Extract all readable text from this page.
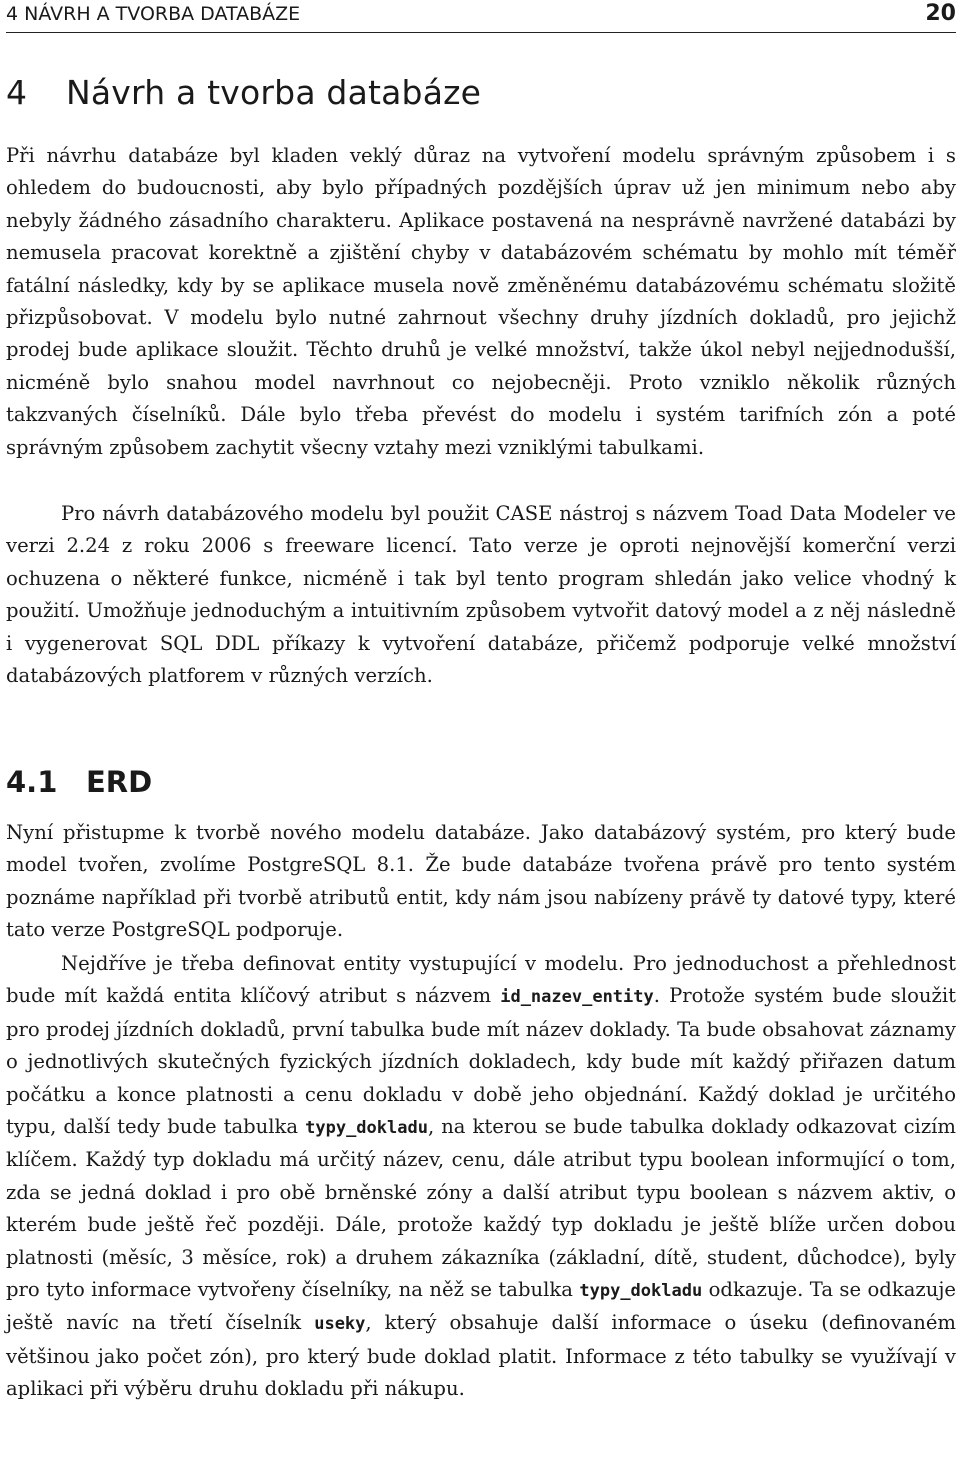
4 NÁVRH A TVORBA DATABÁZE	20
4 Návrh a tvorba databáze

Při návrhu databáze byl kladen veklý důraz na vytvoření modelu správným způsobem i s ohledem do budoucnosti, aby bylo případných pozdějších úprav už jen minimum nebo aby nebyly žádného zásadního charakteru. Aplikace postavená na nesprávně navržené databázi by nemusela pracovat korektně a zjištění chyby v databázovém schématu by mohlo mít téměř fatální následky, kdy by se aplikace musela nově změněnému databázovému schématu složitě přizpůsobovat. V modelu bylo nutné zahrnout všechny druhy jízdních dokladů, pro jejichž prodej bude aplikace sloužit. Těchto druhů je velké množství, takže úkol nebyl nejjednodušší, nicméně bylo snahou model navrhnout co nejobecněji. Proto vzniklo několik různých takzvaných číselníků. Dále bylo třeba převést do modelu i systém tarifních zón a poté správným způsobem zachytit všecny vztahy mezi vzniklými tabulkami.

Pro návrh databázového modelu byl použit CASE nástroj s názvem Toad Data Modeler ve verzi 2.24 z roku 2006 s freeware licencí. Tato verze je oproti nejnovější komerční verzi ochuzena o některé funkce, nicméně i tak byl tento program shledán jako velice vhodný k použití. Umožňuje jednoduchým a intuitivním způsobem vytvořit datový model a z něj následně i vygenerovat SQL DDL příkazy k vytvoření databáze, přičemž podporuje velké množství databázových platforem v různých verzích.

4.1 ERD

Nyní přistupme k tvorbě nového modelu databáze. Jako databázový systém, pro který bude model tvořen, zvolíme PostgreSQL 8.1. Že bude databáze tvořena právě pro tento systém poznáme například při tvorbě atributů entit, kdy nám jsou nabízeny právě ty datové typy, které tato verze PostgreSQL podporuje.

Nejdříve je třeba definovat entity vystupující v modelu. Pro jednoduchost a přehlednost bude mít každá entita klíčový atribut s názvem id_nazev_entity. Protože systém bude sloužit pro prodej jízdních dokladů, první tabulka bude mít název doklady. Ta bude obsahovat záznamy o jednotlivých skutečných fyzických jízdních dokladech, kdy bude mít každý přiřazen datum počátku a konce platnosti a cenu dokladu v době jeho objednání. Každý doklad je určitého typu, další tedy bude tabulka typy_dokladu, na kterou se bude tabulka doklady odkazovat cizím klíčem. Každý typ dokladu má určitý název, cenu, dále atribut typu boolean informující o tom, zda se jedná doklad i pro obě brněnské zóny a další atribut typu boolean s názvem aktiv, o kterém bude ještě řeč později. Dále, protože každý typ dokladu je ještě blíže určen dobou platnosti (měsíc, 3 měsíce, rok) a druhem zákazníka (základní, dítě, student, důchodce), byly pro tyto informace vytvořeny číselníky, na něž se tabulka typy_dokladu odkazuje. Ta se odkazuje ještě navíc na třetí číselník useky, který obsahuje další informace o úseku (definovaném většinou jako počet zón), pro který bude doklad platit. Informace z této tabulky se využívají v aplikaci při výběru druhu dokladu při nákupu.
